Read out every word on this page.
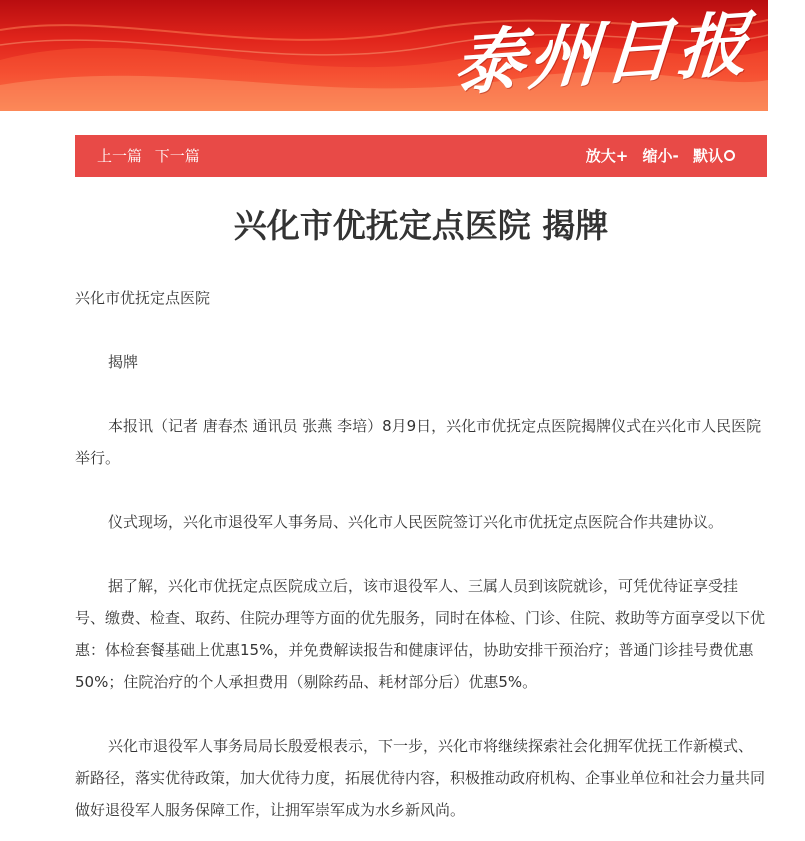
泰州日报
上一篇 下一篇	放大+ 缩小- 默认
兴化市优抚定点医院 揭牌

兴化市优抚定点医院

揭牌

本报讯（记者 唐春杰 通讯员 张燕 李培）8月9日，兴化市优抚定点医院揭牌仪式在兴化市人民医院举行。

仪式现场，兴化市退役军人事务局、兴化市人民医院签订兴化市优抚定点医院合作共建协议。

据了解，兴化市优抚定点医院成立后，该市退役军人、三属人员到该院就诊，可凭优待证享受挂号、缴费、检查、取药、住院办理等方面的优先服务，同时在体检、门诊、住院、救助等方面享受以下优惠：体检套餐基础上优惠15%，并免费解读报告和健康评估，协助安排干预治疗；普通门诊挂号费优惠50%；住院治疗的个人承担费用（剔除药品、耗材部分后）优惠5%。

兴化市退役军人事务局局长殷爱根表示，下一步，兴化市将继续探索社会化拥军优抚工作新模式、新路径，落实优待政策，加大优待力度，拓展优待内容，积极推动政府机构、企事业单位和社会力量共同做好退役军人服务保障工作，让拥军崇军成为水乡新风尚。
